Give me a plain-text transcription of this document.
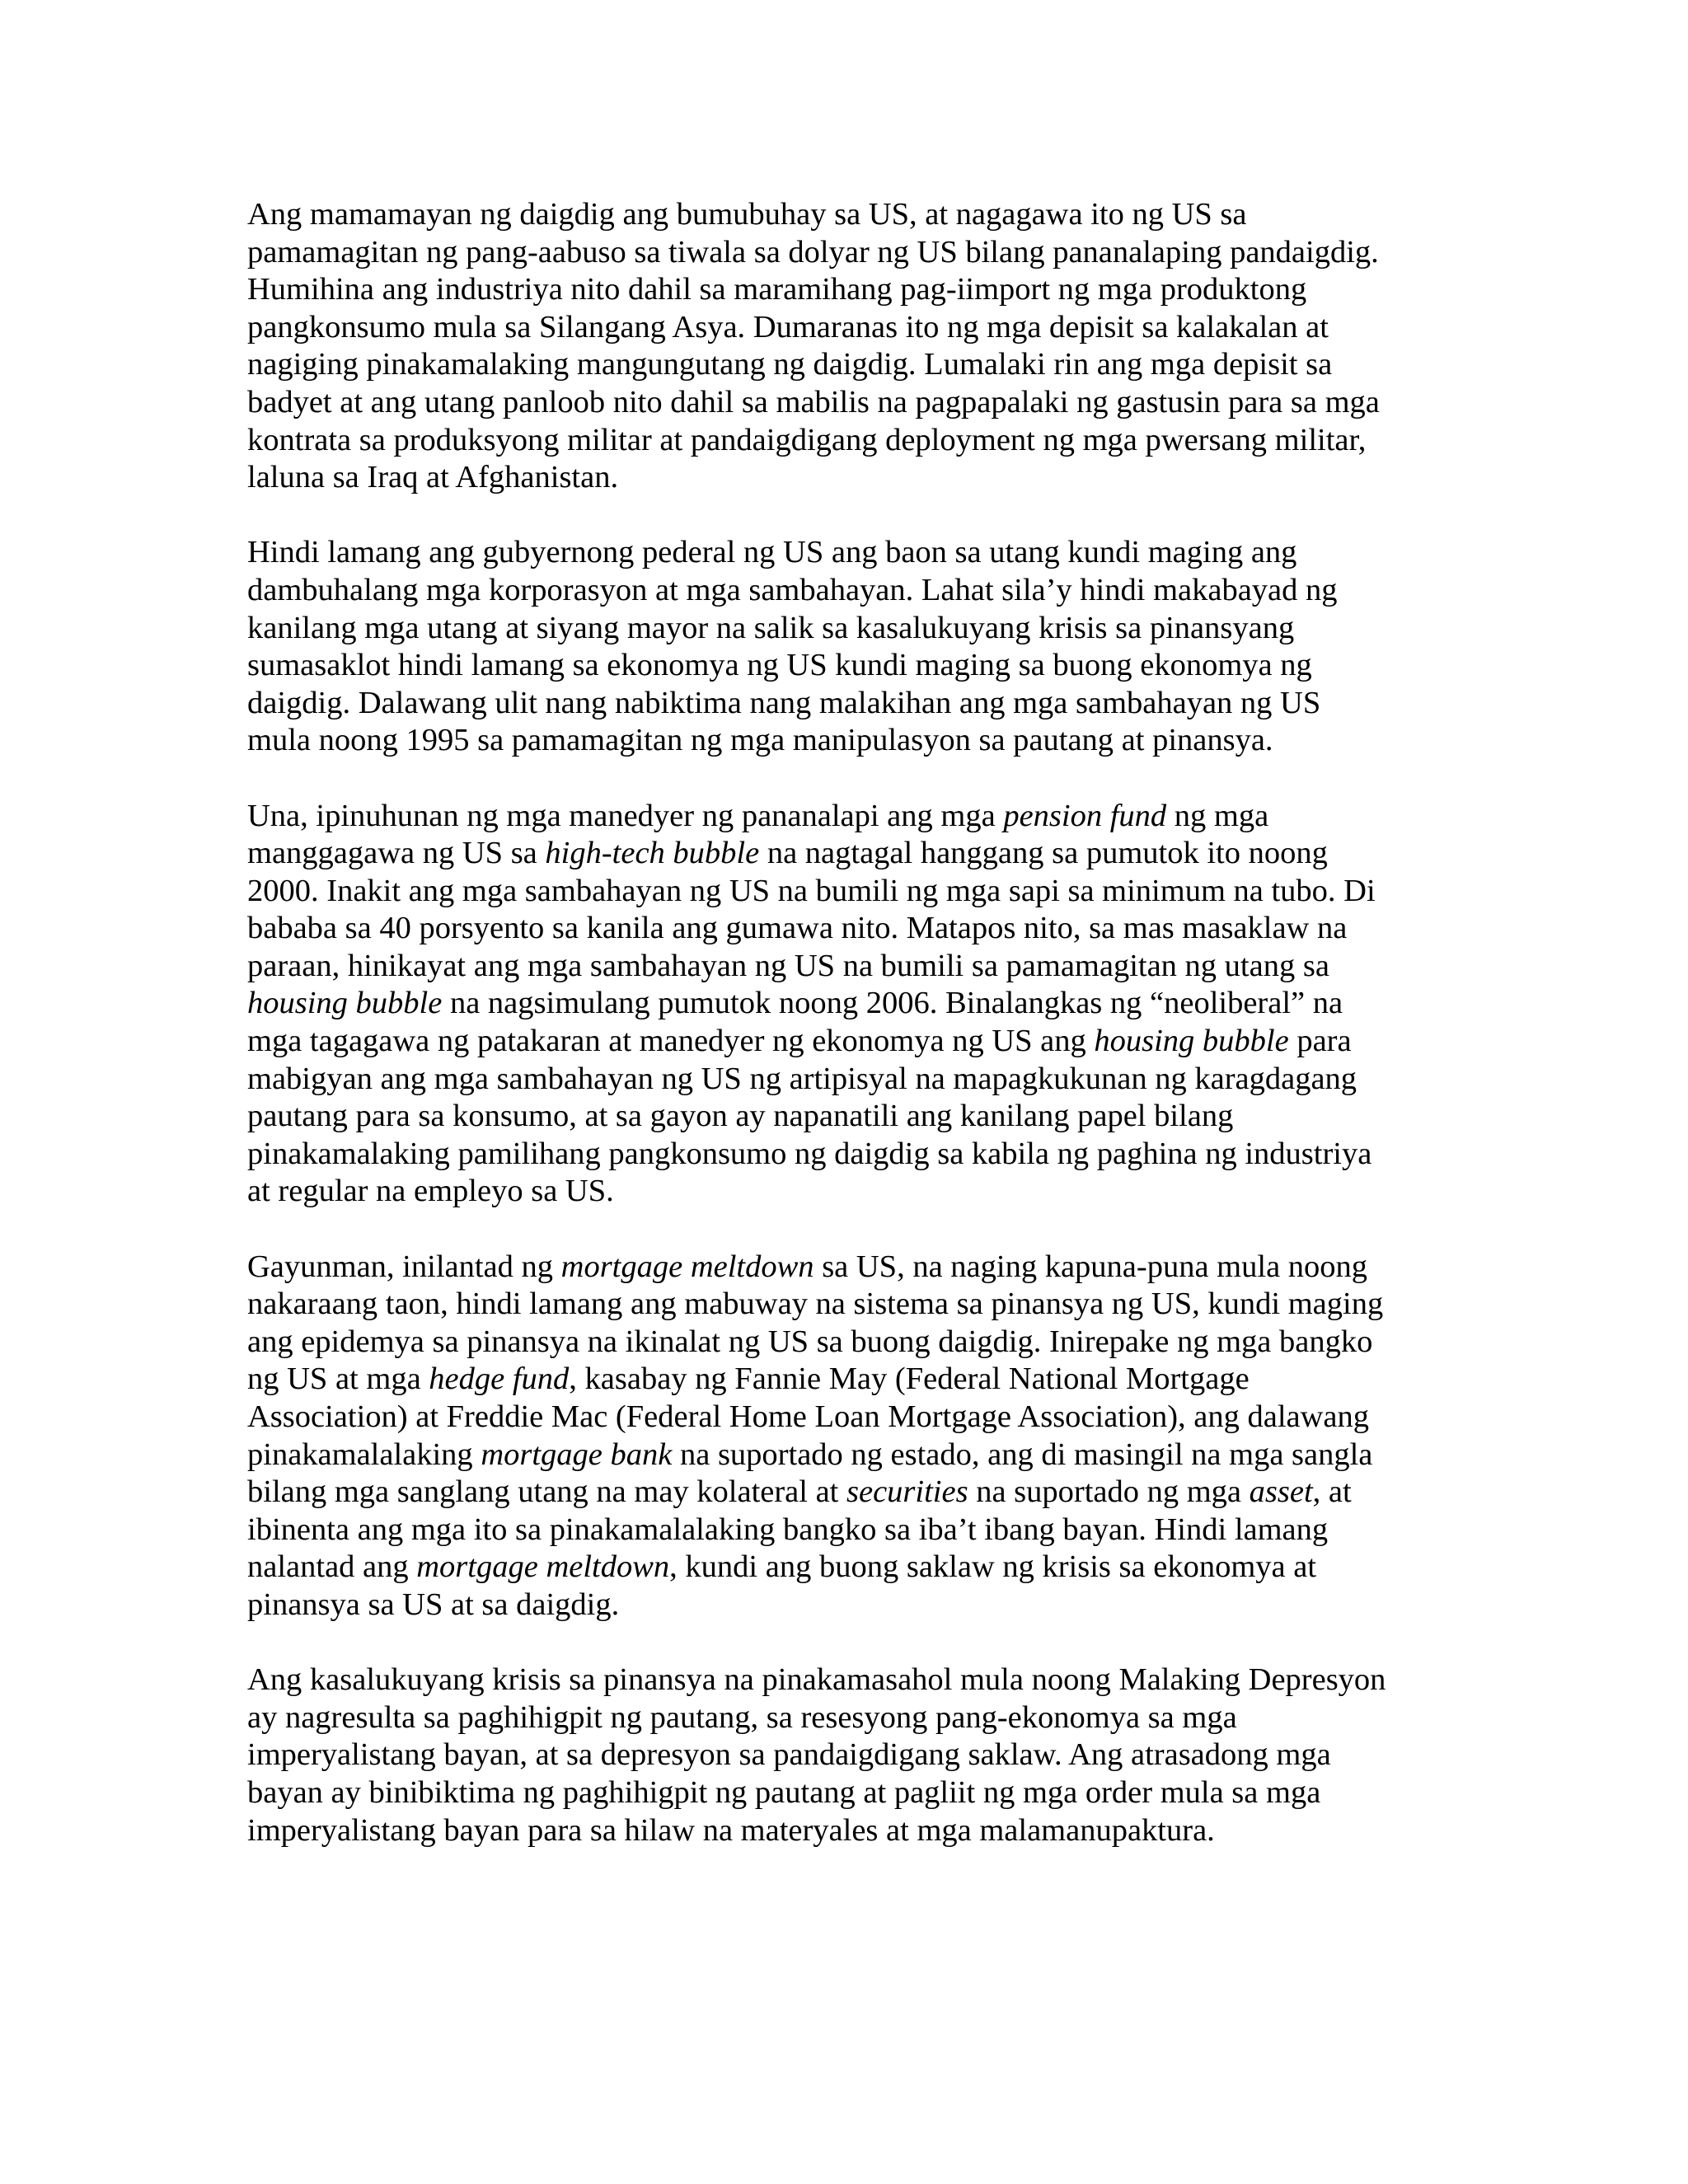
Ang mamamayan ng daigdig ang bumubuhay sa US, at nagagawa ito ng US sa
pamamagitan ng pang-aabuso sa tiwala sa dolyar ng US bilang pananalaping pandaigdig.
Humihina ang industriya nito dahil sa maramihang pag-iimport ng mga produktong
pangkonsumo mula sa Silangang Asya. Dumaranas ito ng mga depisit sa kalakalan at
nagiging pinakamalaking mangungutang ng daigdig. Lumalaki rin ang mga depisit sa
badyet at ang utang panloob nito dahil sa mabilis na pagpapalaki ng gastusin para sa mga
kontrata sa produksyong militar at pandaigdigang deployment ng mga pwersang militar,
laluna sa Iraq at Afghanistan.
Hindi lamang ang gubyernong pederal ng US ang baon sa utang kundi maging ang
dambuhalang mga korporasyon at mga sambahayan. Lahat sila’y hindi makabayad ng
kanilang mga utang at siyang mayor na salik sa kasalukuyang krisis sa pinansyang
sumasaklot hindi lamang sa ekonomya ng US kundi maging sa buong ekonomya ng
daigdig. Dalawang ulit nang nabiktima nang malakihan ang mga sambahayan ng US
mula noong 1995 sa pamamagitan ng mga manipulasyon sa pautang at pinansya.
Una, ipinuhunan ng mga manedyer ng pananalapi ang mga pension fund ng mga
manggagawa ng US sa high-tech bubble na nagtagal hanggang sa pumutok ito noong
2000. Inakit ang mga sambahayan ng US na bumili ng mga sapi sa minimum na tubo. Di
bababa sa 40 porsyento sa kanila ang gumawa nito. Matapos nito, sa mas masaklaw na
paraan, hinikayat ang mga sambahayan ng US na bumili sa pamamagitan ng utang sa
housing bubble na nagsimulang pumutok noong 2006. Binalangkas ng “neoliberal” na
mga tagagawa ng patakaran at manedyer ng ekonomya ng US ang housing bubble para
mabigyan ang mga sambahayan ng US ng artipisyal na mapagkukunan ng karagdagang
pautang para sa konsumo, at sa gayon ay napanatili ang kanilang papel bilang
pinakamalaking pamilihang pangkonsumo ng daigdig sa kabila ng paghina ng industriya
at regular na empleyo sa US.
Gayunman, inilantad ng mortgage meltdown sa US, na naging kapuna-puna mula noong
nakaraang taon, hindi lamang ang mabuway na sistema sa pinansya ng US, kundi maging
ang epidemya sa pinansya na ikinalat ng US sa buong daigdig. Inirepake ng mga bangko
ng US at mga hedge fund, kasabay ng Fannie May (Federal National Mortgage
Association) at Freddie Mac (Federal Home Loan Mortgage Association), ang dalawang
pinakamalalaking mortgage bank na suportado ng estado, ang di masingil na mga sangla
bilang mga sanglang utang na may kolateral at securities na suportado ng mga asset, at
ibinenta ang mga ito sa pinakamalalaking bangko sa iba’t ibang bayan. Hindi lamang
nalantad ang mortgage meltdown, kundi ang buong saklaw ng krisis sa ekonomya at
pinansya sa US at sa daigdig.
Ang kasalukuyang krisis sa pinansya na pinakamasahol mula noong Malaking Depresyon
ay nagresulta sa paghihigpit ng pautang, sa resesyong pang-ekonomya sa mga
imperyalistang bayan, at sa depresyon sa pandaigdigang saklaw. Ang atrasadong mga
bayan ay binibiktima ng paghihigpit ng pautang at pagliit ng mga order mula sa mga
imperyalistang bayan para sa hilaw na materyales at mga malamanupaktura.
